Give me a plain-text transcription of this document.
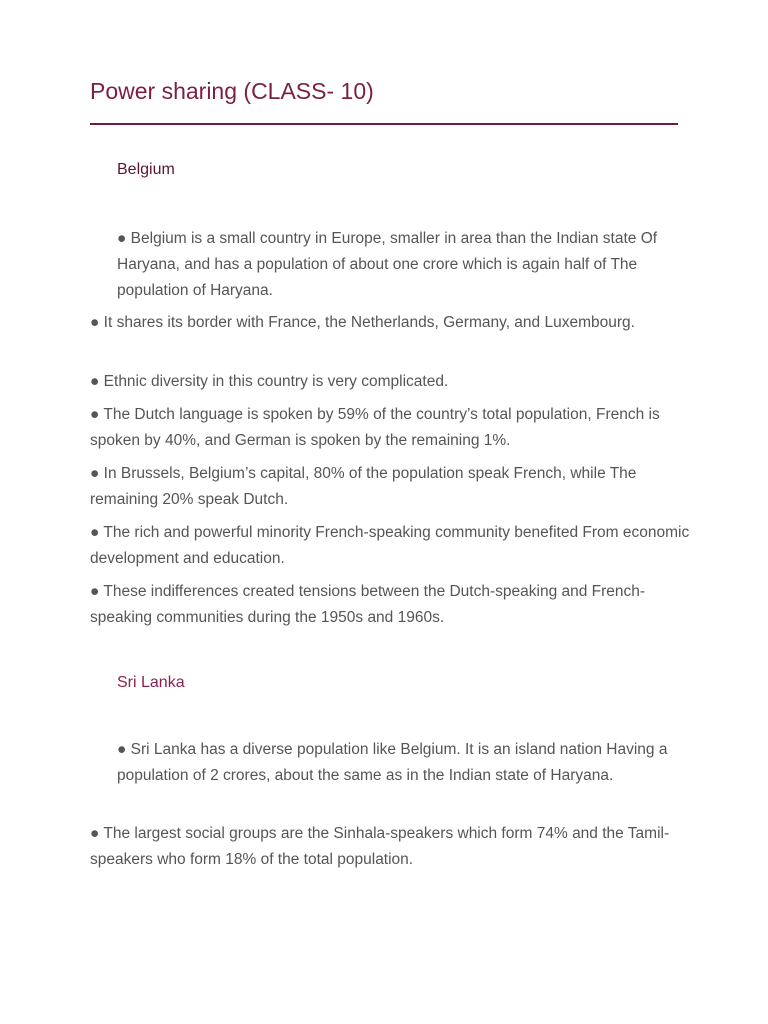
Power sharing (CLASS- 10)
Belgium

● Belgium is a small country in Europe, smaller in area than the Indian state Of Haryana, and has a population of about one crore which is again half of The population of Haryana.

● It shares its border with France, the Netherlands, Germany, and Luxembourg.

● Ethnic diversity in this country is very complicated.

● The Dutch language is spoken by 59% of the country’s total population, French is spoken by 40%, and German is spoken by the remaining 1%.

● In Brussels, Belgium’s capital, 80% of the population speak French, while The remaining 20% speak Dutch.

● The rich and powerful minority French-speaking community benefited From economic development and education.

● These indifferences created tensions between the Dutch-speaking and French-speaking communities during the 1950s and 1960s.

Sri Lanka

● Sri Lanka has a diverse population like Belgium. It is an island nation Having a population of 2 crores, about the same as in the Indian state of Haryana.

● The largest social groups are the Sinhala-speakers which form 74% and the Tamil-speakers who form 18% of the total population.
